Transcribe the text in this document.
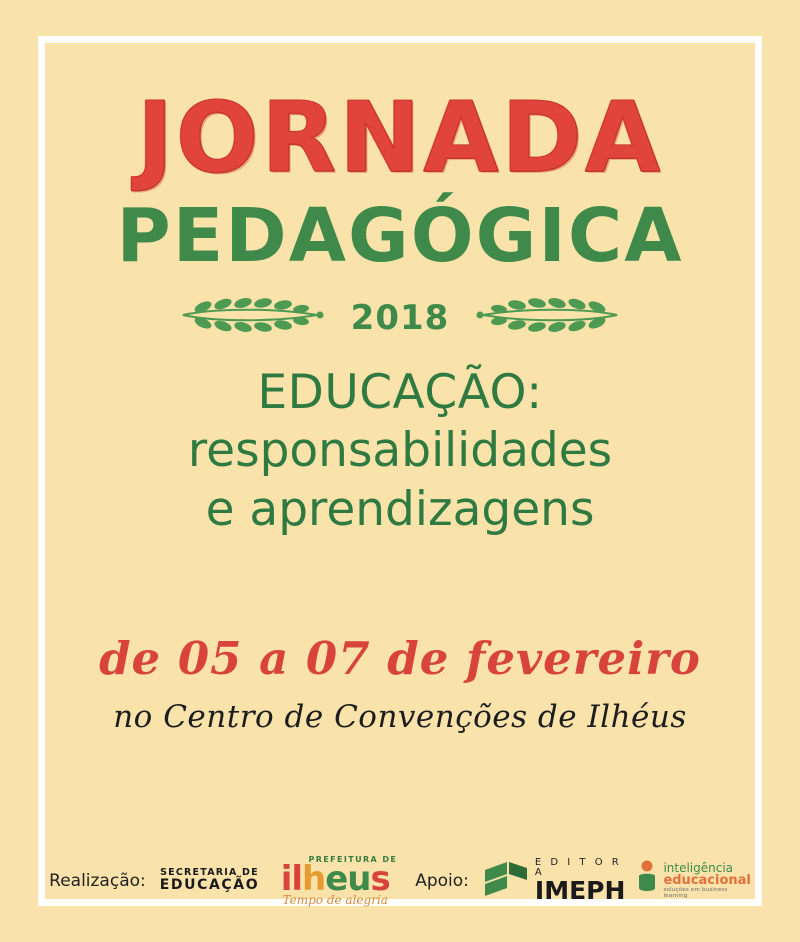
JORNADA
PEDAGÓGICA
2018
EDUCAÇÃO:
responsabilidades
e aprendizagens
de 05 a 07 de fevereiro
no Centro de Convenções de Ilhéus
Realização: SECRETARIA DE
EDUCAÇÃO
PREFEITURA DE
ilheus
Tempo de alegria
Apoio:
E D I T O R A
IMEPH
inteligência
educacional
soluções em business learning
